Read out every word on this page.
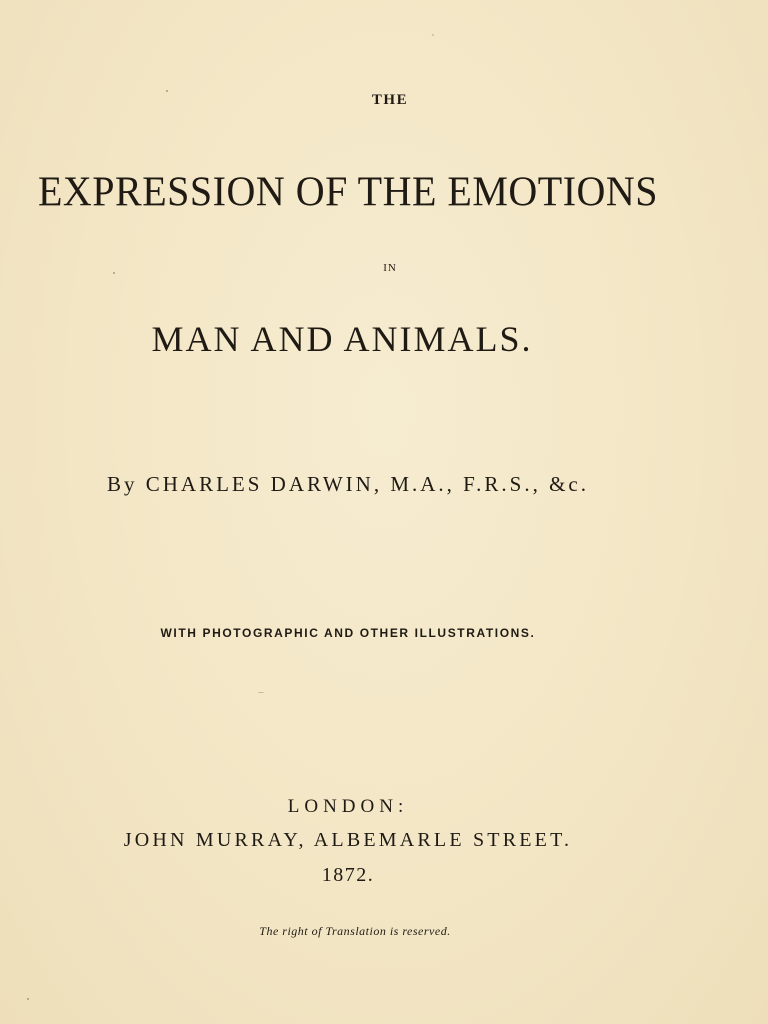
THE
EXPRESSION OF THE EMOTIONS
IN
MAN AND ANIMALS.
By CHARLES DARWIN, M.A., F.R.S., &c.
WITH PHOTOGRAPHIC AND OTHER ILLUSTRATIONS.
LONDON:
JOHN MURRAY, ALBEMARLE STREET.
1872.
The right of Translation is reserved.
